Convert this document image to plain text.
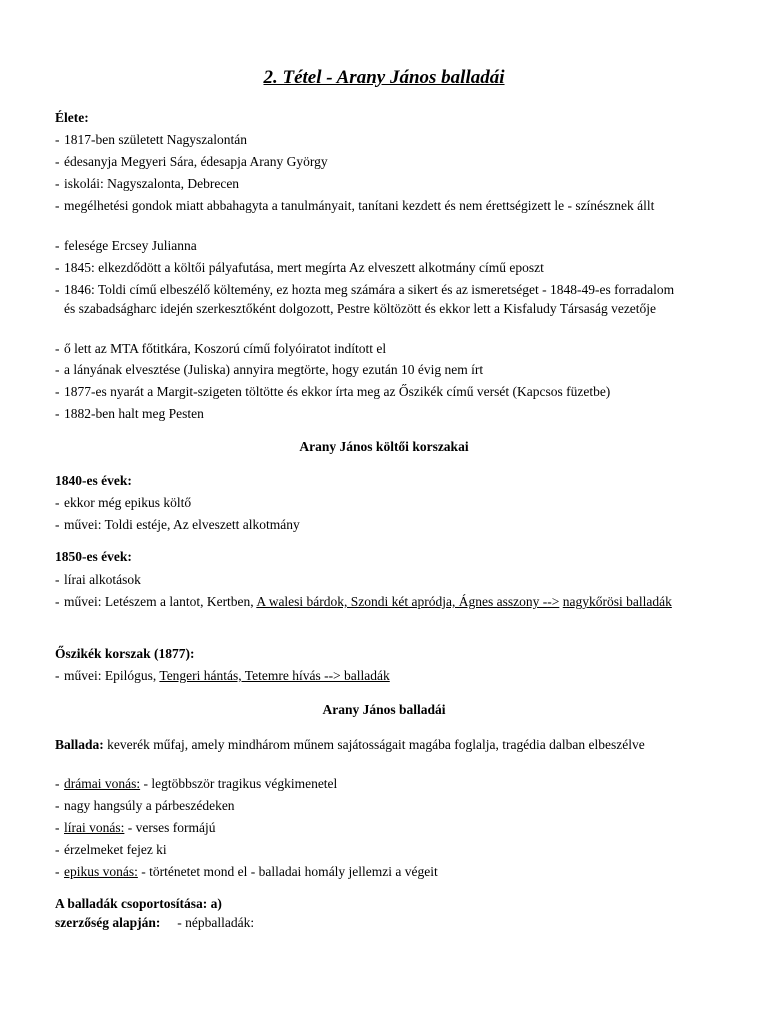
2. Tétel - Arany János balladái
Élete:
- 1817-ben született Nagyszalontán
- édesanyja Megyeri Sára, édesapja Arany György
- iskolái: Nagyszalonta, Debrecen
- megélhetési gondok miatt abbahagyta a tanulmányait, tanítani kezdett és nem érettségizett le - színésznek állt
- felesége Ercsey Julianna
- 1845: elkezdődött a költői pályafutása, mert megírta Az elveszett alkotmány című eposzt
- 1846: Toldi című elbeszélő költemény, ez hozta meg számára a sikert és az ismeretséget - 1848-49-es forradalom és szabadságharc idején szerkesztőként dolgozott, Pestre költözött és ekkor lett a Kisfaludy Társaság vezetője
- ő lett az MTA főtitkára, Koszorú című folyóiratot indított el
- a lányának elvesztése (Juliska) annyira megtörte, hogy ezután 10 évig nem írt
- 1877-es nyarát a Margit-szigeten töltötte és ekkor írta meg az Őszikék című versét (Kapcsos füzetbe)
- 1882-ben halt meg Pesten
Arany János költői korszakai
1840-es évek:
- ekkor még epikus költő
- művei: Toldi estéje, Az elveszett alkotmány
1850-es évek:
- lírai alkotások
- művei: Letészem a lantot, Kertben, A walesi bárdok, Szondi két apródja, Ágnes asszony --> nagykőrösi balladák
Őszikék korszak (1877):
- művei: Epilógus, Tengeri hántás, Tetemre hívás --> balladák
Arany János balladái
Ballada: keverék műfaj, amely mindhárom műnem sajátosságait magába foglalja, tragédia dalban elbeszélve
- drámai vonás: - legtöbbször tragikus végkimenetel
- nagy hangsúly a párbeszédeken
- lírai vonás: - verses formájú
- érzelmeket fejez ki
- epikus vonás: - történetet mond el - balladai homály jellemzi a végeit
A balladák csoportosítása: a)
szerzőség alapján:     - népballadák:
